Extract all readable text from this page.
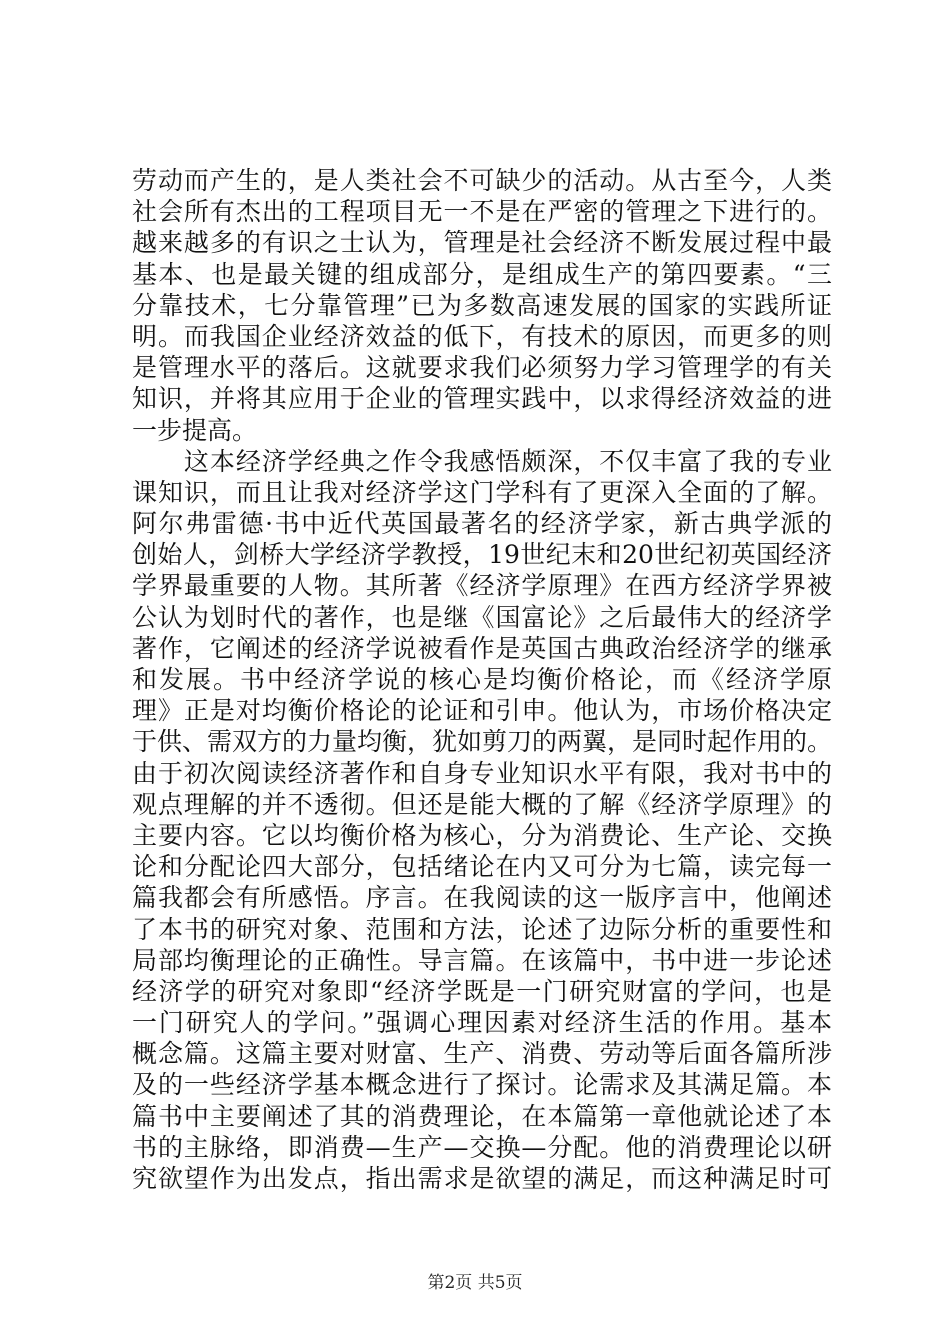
劳动而产生的，是人类社会不可缺少的活动。从古至今，人类
社会所有杰出的工程项目无一不是在严密的管理之下进行的。
越来越多的有识之士认为，管理是社会经济不断发展过程中最
基本、也是最关键的组成部分，是组成生产的第四要素。“三
分靠技术，七分靠管理”已为多数高速发展的国家的实践所证
明。而我国企业经济效益的低下，有技术的原因，而更多的则
是管理水平的落后。这就要求我们必须努力学习管理学的有关
知识，并将其应用于企业的管理实践中，以求得经济效益的进
一步提高。
　　这本经济学经典之作令我感悟颇深，不仅丰富了我的专业
课知识，而且让我对经济学这门学科有了更深入全面的了解。
阿尔弗雷德·书中近代英国最著名的经济学家，新古典学派的
创始人，剑桥大学经济学教授，19世纪末和20世纪初英国经济
学界最重要的人物。其所著《经济学原理》在西方经济学界被
公认为划时代的著作，也是继《国富论》之后最伟大的经济学
著作，它阐述的经济学说被看作是英国古典政治经济学的继承
和发展。书中经济学说的核心是均衡价格论，而《经济学原
理》正是对均衡价格论的论证和引申。他认为，市场价格决定
于供、需双方的力量均衡，犹如剪刀的两翼，是同时起作用的。
由于初次阅读经济著作和自身专业知识水平有限，我对书中的
观点理解的并不透彻。但还是能大概的了解《经济学原理》的
主要内容。它以均衡价格为核心，分为消费论、生产论、交换
论和分配论四大部分，包括绪论在内又可分为七篇，读完每一
篇我都会有所感悟。序言。在我阅读的这一版序言中，他阐述
了本书的研究对象、范围和方法，论述了边际分析的重要性和
局部均衡理论的正确性。导言篇。在该篇中，书中进一步论述
经济学的研究对象即“经济学既是一门研究财富的学问，也是
一门研究人的学问。”强调心理因素对经济生活的作用。基本
概念篇。这篇主要对财富、生产、消费、劳动等后面各篇所涉
及的一些经济学基本概念进行了探讨。论需求及其满足篇。本
篇书中主要阐述了其的消费理论，在本篇第一章他就论述了本
书的主脉络，即消费—生产—交换—分配。他的消费理论以研
究欲望作为出发点，指出需求是欲望的满足，而这种满足时可
第2页 共5页
